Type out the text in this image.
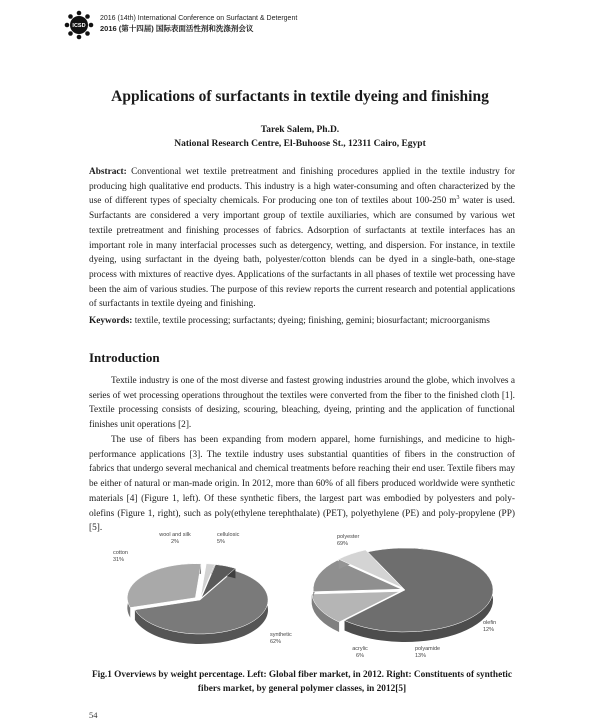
ICSD
2016 (14th) International Conference on Surfactant & Detergent
2016 (第十四届) 国际表面活性剂和洗涤剂会议
Applications of surfactants in textile dyeing and finishing
Tarek Salem, Ph.D.
National Research Centre, El-Buhoose St., 12311 Cairo, Egypt
Abstract: Conventional wet textile pretreatment and finishing procedures applied in the textile industry for producing high qualitative end products. This industry is a high water-consuming and often characterized by the use of different types of specialty chemicals. For producing one ton of textiles about 100-250 $m^3$ water is used. Surfactants are considered a very important group of textile auxiliaries, which are consumed by various wet textile pretreatment and finishing processes of fabrics. Adsorption of surfactants at textile interfaces has an important role in many interfacial processes such as detergency, wetting, and dispersion. For instance, in textile dyeing, using surfactant in the dyeing bath, polyester/cotton blends can be dyed in a single-bath, one-stage process with mixtures of reactive dyes. Applications of the surfactants in all phases of textile wet processing have been the aim of various studies. The purpose of this review reports the current research and potential applications of surfactants in textile dyeing and finishing.
Keywords: textile, textile processing; surfactants; dyeing; finishing, gemini; biosurfactant; microorganisms
Introduction
Textile industry is one of the most diverse and fastest growing industries around the globe, which involves a series of wet processing operations throughout the textiles were converted from the fiber to the finished cloth [1]. Textile processing consists of desizing, scouring, bleaching, dyeing, printing and the application of functional finishes unit operations [2].
The use of fibers has been expanding from modern apparel, home furnishings, and medicine to high-performance applications [3]. The textile industry uses substantial quantities of fibers in the construction of fabrics that undergo several mechanical and chemical treatments before reaching their end user. Textile fibers may be either of natural or man-made origin. In 2012, more than 60% of all fibers produced worldwide were synthetic materials [4] (Figure 1, left). Of these synthetic fibers, the largest part was embodied by polyesters and poly-olefins (Figure 1, right), such as poly(ethylene terephthalate) (PET), polyethylene (PE) and poly-propylene (PP)[5].
synthetic 62%
cotton 31%
wool and silk 2%
cellulosic 5%
polyester 69%
olefin 12%
polyamide 13%
acrylic 6%
Fig.1 Overviews by weight percentage. Left: Global fiber market, in 2012. Right: Constituents of synthetic fibers market, by general polymer classes, in 2012[5]
54
